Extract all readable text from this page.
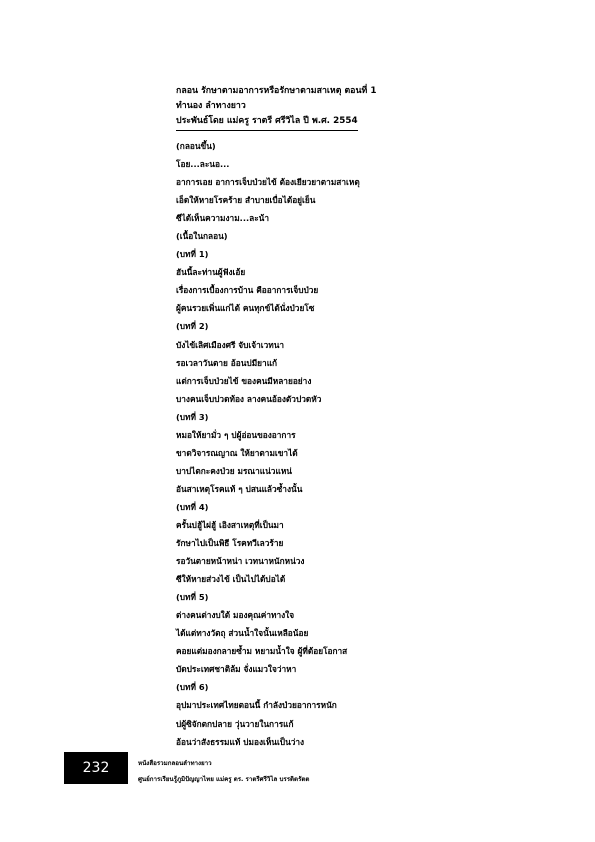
กลอน รักษาตามอาการหรือรักษาตามสาเหตุ ตอนที่ 1
ทำนอง ลำทางยาว
ประพันธ์โดย แม่ครู ราตรี ศรีวิไล ปี พ.ศ. 2554
(กลอนขึ้น)
โอย...ละนอ...
อาการเอย อาการเจ็บป่วยไข้ ต้องเยียวยาตามสาเหตุ
เอ็ดให้หายโรคร้าย สำบายเบื่อได้อยู่เย็น
ซีได้เห็นความงาม...ละน้า
(เนื้อในกลอน)
(บทที่ 1)
ฮันนี้ละท่านผู้ฟังเอ้ย
เรื่องการเบื้องการบ้าน คืออาการเจ็บป่วย
ผู้คนรวยเพิ่นแก่ได้ คนทุกข์ได้นั่งป่วยโซ
(บทที่ 2)
บังไข้เลิศเมืองศรี จับเจ้าเวทนา
รอเวลาวันตาย อ้อนบ่มียาแก้
แต่การเจ็บป่วยไข้ ของคนมีหลายอย่าง
บางคนเจ็บปวดท้อง ลางคนอ้องตัวปวดหัว
(บทที่ 3)
หมอให้ยามั่ว ๆ บ่ผู้อ่อนของอาการ
ขาดวิจารณญาณ ให้ยาตามเขาได้
บาปไตกะคงป่วย มรณาแน่วแหน่
อันสาเหตุโรคแท้ ๆ บ่สนแล้วซ้ำงนั้น
(บทที่ 4)
ครั้นบ่ฮู้ไผ่ฮู้ เอิงสาเหตุที่เป็นมา
รักษาไปเป็นพิธี โรคทวีเลวร้าย
รอวันตายหน้าหน่า เวทนาหนักหน่วง
ซีให้หายส่วงไข้ เป็นไปได้บ่อได้
(บทที่ 5)
ต่างคนต่างบใด้ มองคุณค่าทางใจ
ได้แต่ทางวัตถุ ส่วนน้ำใจนั้นเหลือน้อย
คอยแต่มองกลายซ้ำม หยามน้ำใจ ผู้ที่ด้อยโอกาส
บัดประเทศชาติล้ม จั่งแมวใจว่าหา
(บทที่ 6)
อุปมาประเทศไทยตอนนี้ กำลังป่วยอาการหนัก
บ่ผู้ซิจักตกปลาย วุ่นวายในการแก้
อ้อนว่าสังธรรมแท้ บ่มองเห็นเป็นว่าง
232	หนังสือรวมกลอนลำทางยาว
ศูนย์การเรียนรู้ภูมิปัญญาไทย แม่ครู ดร. ราตรีศรีวิไล บรรดิตรัตต
